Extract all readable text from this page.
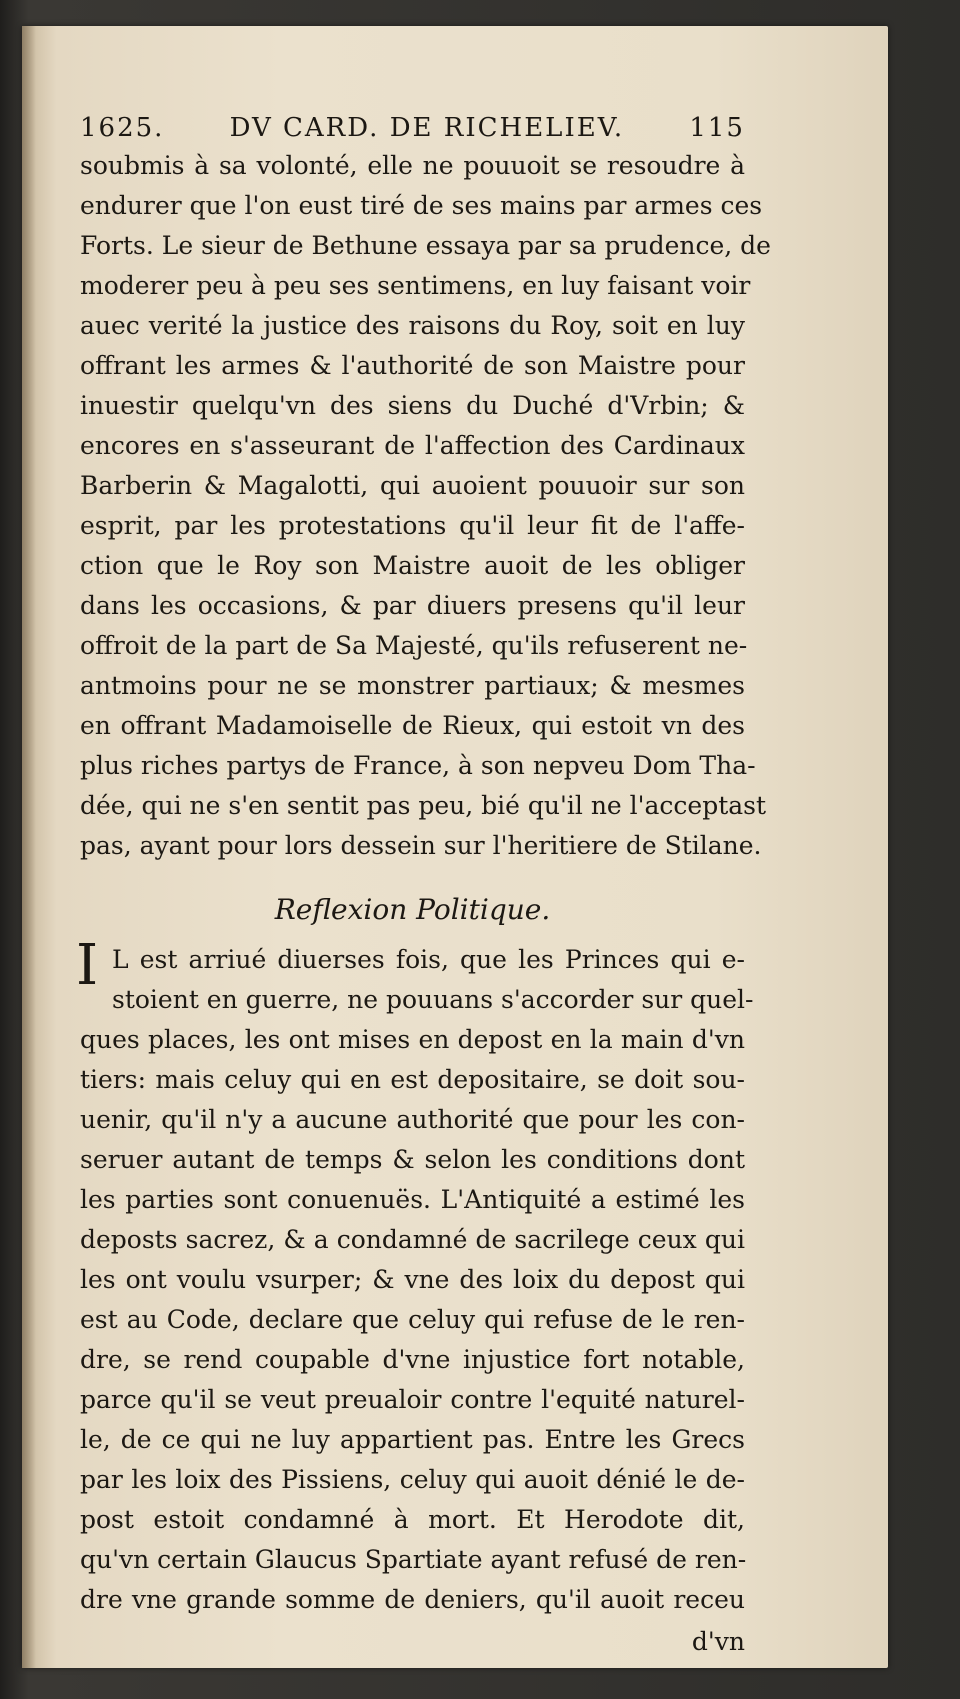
1625.	DV CARD. DE RICHELIEV.	115
soubmis à sa volonté, elle ne pouuoit se resoudre à
endurer que l'on eust tiré de ses mains par armes ces
Forts. Le sieur de Bethune essaya par sa prudence, de
moderer peu à peu ses sentimens, en luy faisant voir
auec verité la justice des raisons du Roy, soit en luy
offrant les armes & l'authorité de son Maistre pour
inuestir quelqu'vn des siens du Duché d'Vrbin; &
encores en s'asseurant de l'affection des Cardinaux
Barberin & Magalotti, qui auoient pouuoir sur son
esprit, par les protestations qu'il leur fit de l'affe-
ction que le Roy son Maistre auoit de les obliger
dans les occasions, & par diuers presens qu'il leur
offroit de la part de Sa Majesté, qu'ils refuserent ne-
antmoins pour ne se monstrer partiaux; & mesmes
en offrant Madamoiselle de Rieux, qui estoit vn des
plus riches partys de France, à son nepveu Dom Tha-
dée, qui ne s'en sentit pas peu, bié qu'il ne l'acceptast
pas, ayant pour lors dessein sur l'heritiere de Stilane.
Reflexion Politique.
I L est arriué diuerses fois, que les Princes qui e-
stoient en guerre, ne pouuans s'accorder sur quel-
ques places, les ont mises en depost en la main d'vn
tiers: mais celuy qui en est depositaire, se doit sou-
uenir, qu'il n'y a aucune authorité que pour les con-
seruer autant de temps & selon les conditions dont
les parties sont conuenuës. L'Antiquité a estimé les
deposts sacrez, & a condamné de sacrilege ceux qui
les ont voulu vsurper; & vne des loix du depost qui
est au Code, declare que celuy qui refuse de le ren-
dre, se rend coupable d'vne injustice fort notable,
parce qu'il se veut preualoir contre l'equité naturel-
le, de ce qui ne luy appartient pas. Entre les Grecs
par les loix des Pissiens, celuy qui auoit dénié le de-
post estoit condamné à mort. Et Herodote dit,
qu'vn certain Glaucus Spartiate ayant refusé de ren-
dre vne grande somme de deniers, qu'il auoit receu
d'vn
